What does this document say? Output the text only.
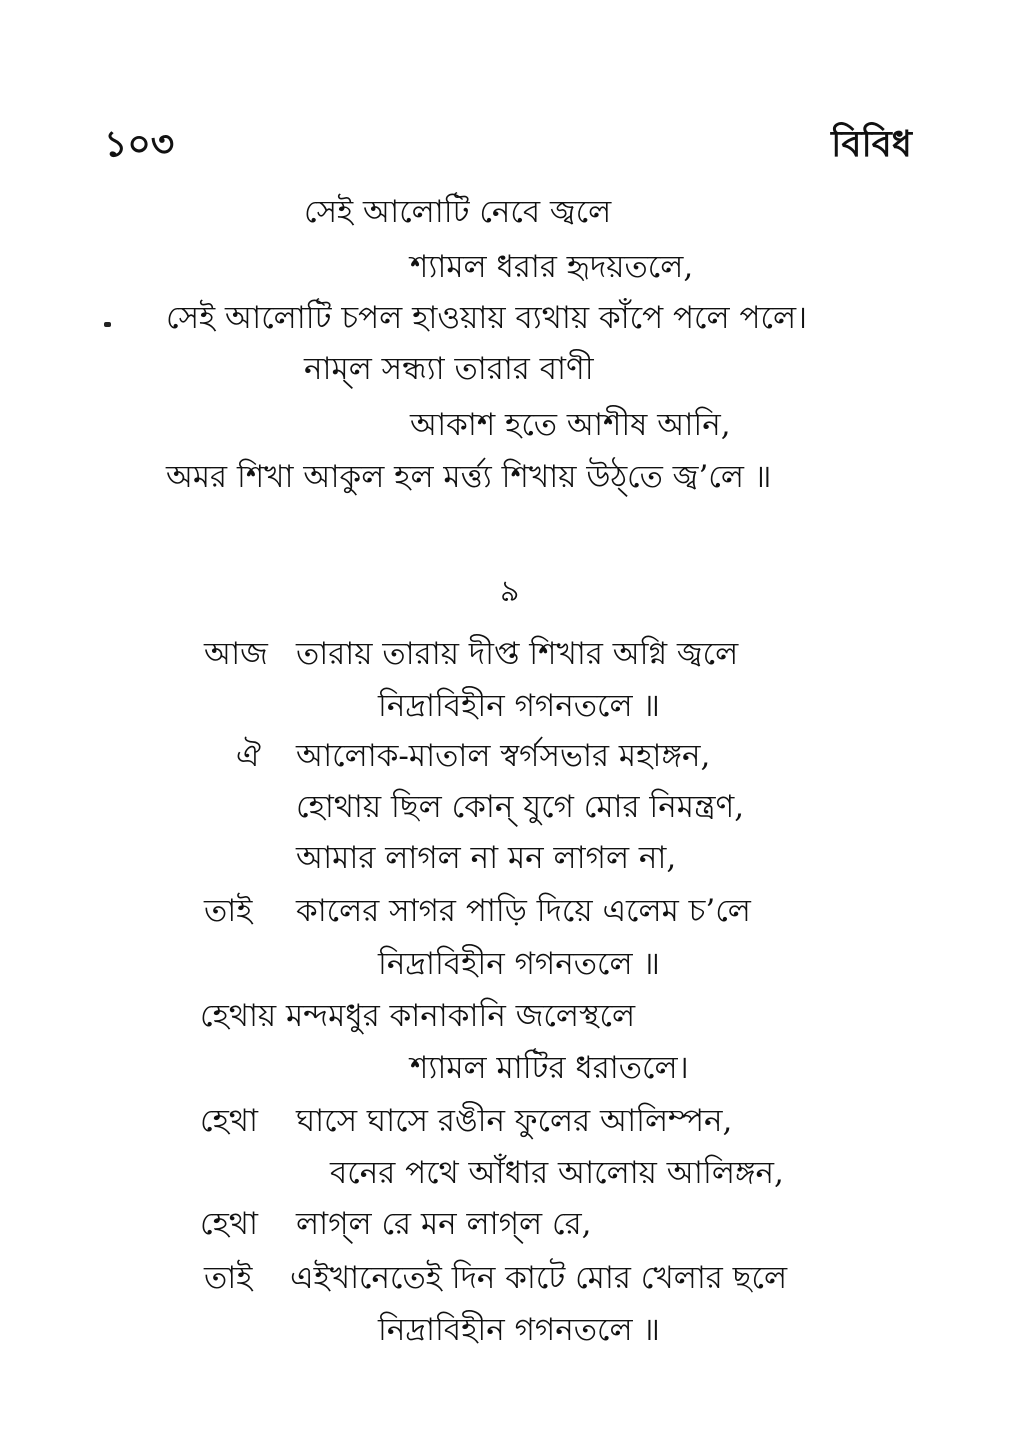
১০৩	বিবিধ
সেই আলোটি নেবে জ্বলে
শ্যামল ধরার হৃদয়তলে,
সেই আলোটি চপল হাওয়ায় ব্যথায় কাঁপে পলে পলে।
নাম্‌ল সন্ধ্যা তারার বাণী
আকাশ হতে আশীষ আনি,
অমর শিখা আকুল হল মর্ত্ত্য শিখায় উঠ্‌তে জ্ব’লে ॥
৯
আজ তারায় তারায় দীপ্ত শিখার অগ্নি জ্বলে
নিদ্রাবিহীন গগনতলে ॥
ঐ আলোক-মাতাল স্বর্গসভার মহাঙ্গন,
হোথায় ছিল কোন্‌ যুগে মোর নিমন্ত্রণ,
আমার লাগল না মন লাগল না,
তাই কালের সাগর পাড়ি দিয়ে এলেম চ’লে
নিদ্রাবিহীন গগনতলে ॥
হেথায় মন্দমধুর কানাকানি জলেস্থলে
শ্যামল মাটির ধরাতলে।
হেথা ঘাসে ঘাসে রঙীন ফুলের আলিম্পন,
বনের পথে আঁধার আলোয় আলিঙ্গন,
হেথা লাগ্‌ল রে মন লাগ্‌ল রে,
তাই এইখানেতেই দিন কাটে মোর খেলার ছলে
নিদ্রাবিহীন গগনতলে ॥
